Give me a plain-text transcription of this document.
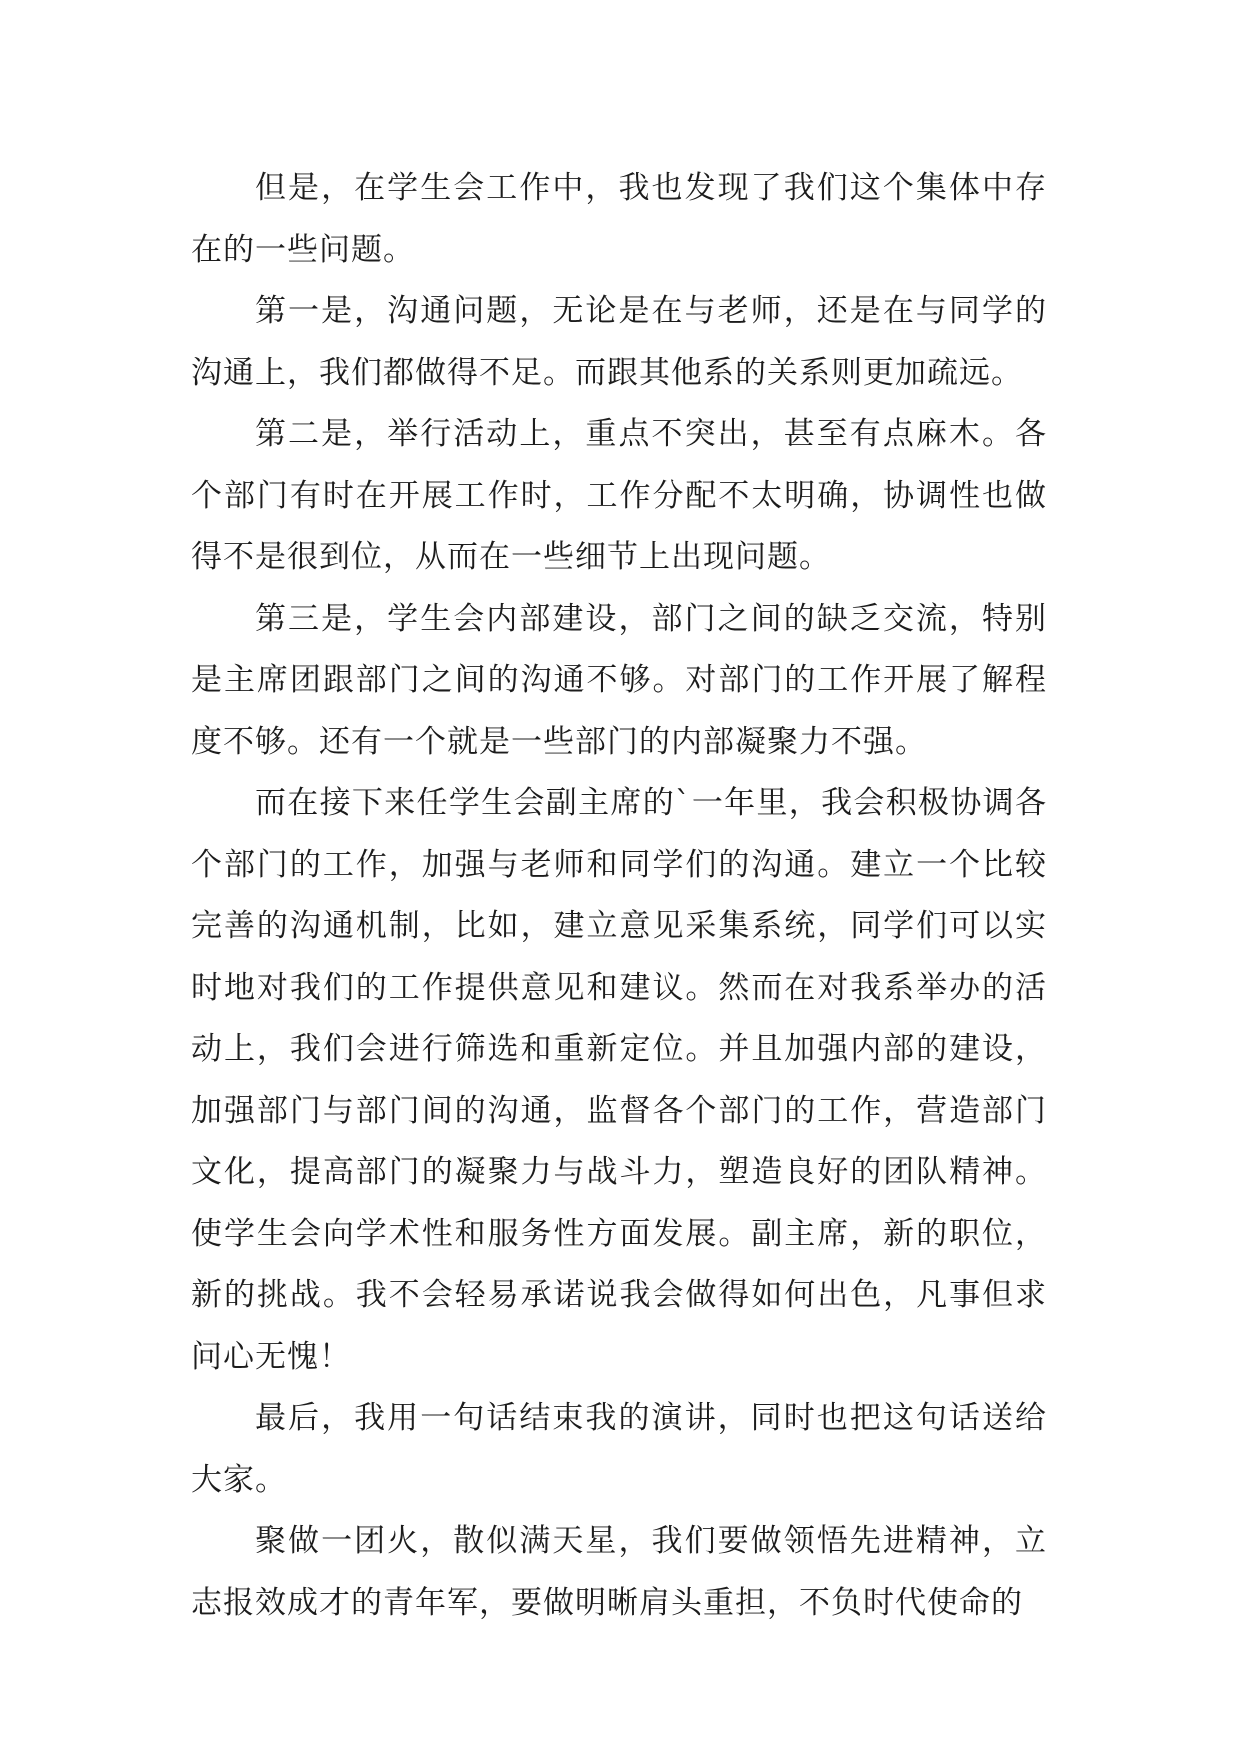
但是，在学生会工作中，我也发现了我们这个集体中存在的一些问题。

第一是，沟通问题，无论是在与老师，还是在与同学的沟通上，我们都做得不足。而跟其他系的关系则更加疏远。

第二是，举行活动上，重点不突出，甚至有点麻木。各个部门有时在开展工作时，工作分配不太明确，协调性也做得不是很到位，从而在一些细节上出现问题。

第三是，学生会内部建设，部门之间的缺乏交流，特别是主席团跟部门之间的沟通不够。对部门的工作开展了解程度不够。还有一个就是一些部门的内部凝聚力不强。

而在接下来任学生会副主席的`一年里，我会积极协调各个部门的工作，加强与老师和同学们的沟通。建立一个比较完善的沟通机制，比如，建立意见采集系统，同学们可以实时地对我们的工作提供意见和建议。然而在对我系举办的活动上，我们会进行筛选和重新定位。并且加强内部的建设，加强部门与部门间的沟通，监督各个部门的工作，营造部门文化，提高部门的凝聚力与战斗力，塑造良好的团队精神。使学生会向学术性和服务性方面发展。副主席，新的职位，新的挑战。我不会轻易承诺说我会做得如何出色，凡事但求问心无愧！

最后，我用一句话结束我的演讲，同时也把这句话送给大家。

聚做一团火，散似满天星，我们要做领悟先进精神，立志报效成才的青年军，要做明晰肩头重担，不负时代使命的
